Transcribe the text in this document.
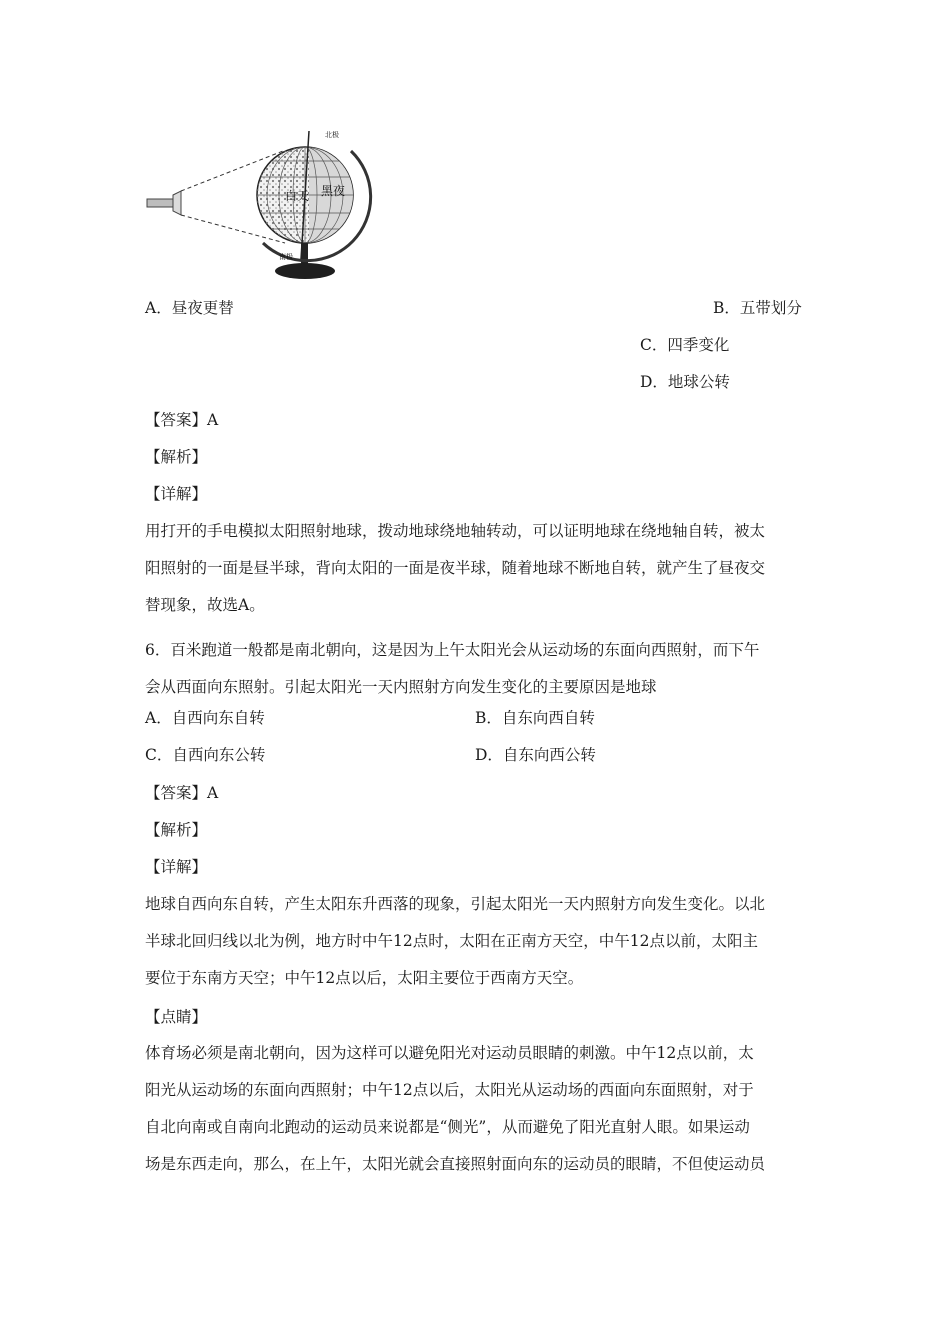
白天 黑夜
北极
南极
A．昼夜更替	B．五带划分
C．四季变化
D．地球公转
【答案】A
【解析】
【详解】
用打开的手电模拟太阳照射地球，拨动地球绕地轴转动，可以证明地球在绕地轴自转，被太
阳照射的一面是昼半球，背向太阳的一面是夜半球，随着地球不断地自转，就产生了昼夜交
替现象，故选A。
6．百米跑道一般都是南北朝向，这是因为上午太阳光会从运动场的东面向西照射，而下午
会从西面向东照射。引起太阳光一天内照射方向发生变化的主要原因是地球
A．自西向东自转	B．自东向西自转
C．自西向东公转	D．自东向西公转
【答案】A
【解析】
【详解】
地球自西向东自转，产生太阳东升西落的现象，引起太阳光一天内照射方向发生变化。以北
半球北回归线以北为例，地方时中午12点时，太阳在正南方天空，中午12点以前，太阳主
要位于东南方天空；中午12点以后，太阳主要位于西南方天空。
【点睛】
体育场必须是南北朝向，因为这样可以避免阳光对运动员眼睛的刺激。中午12点以前，太
阳光从运动场的东面向西照射；中午12点以后，太阳光从运动场的西面向东面照射，对于
自北向南或自南向北跑动的运动员来说都是“侧光”，从而避免了阳光直射人眼。如果运动
场是东西走向，那么，在上午，太阳光就会直接照射面向东的运动员的眼睛，不但使运动员
